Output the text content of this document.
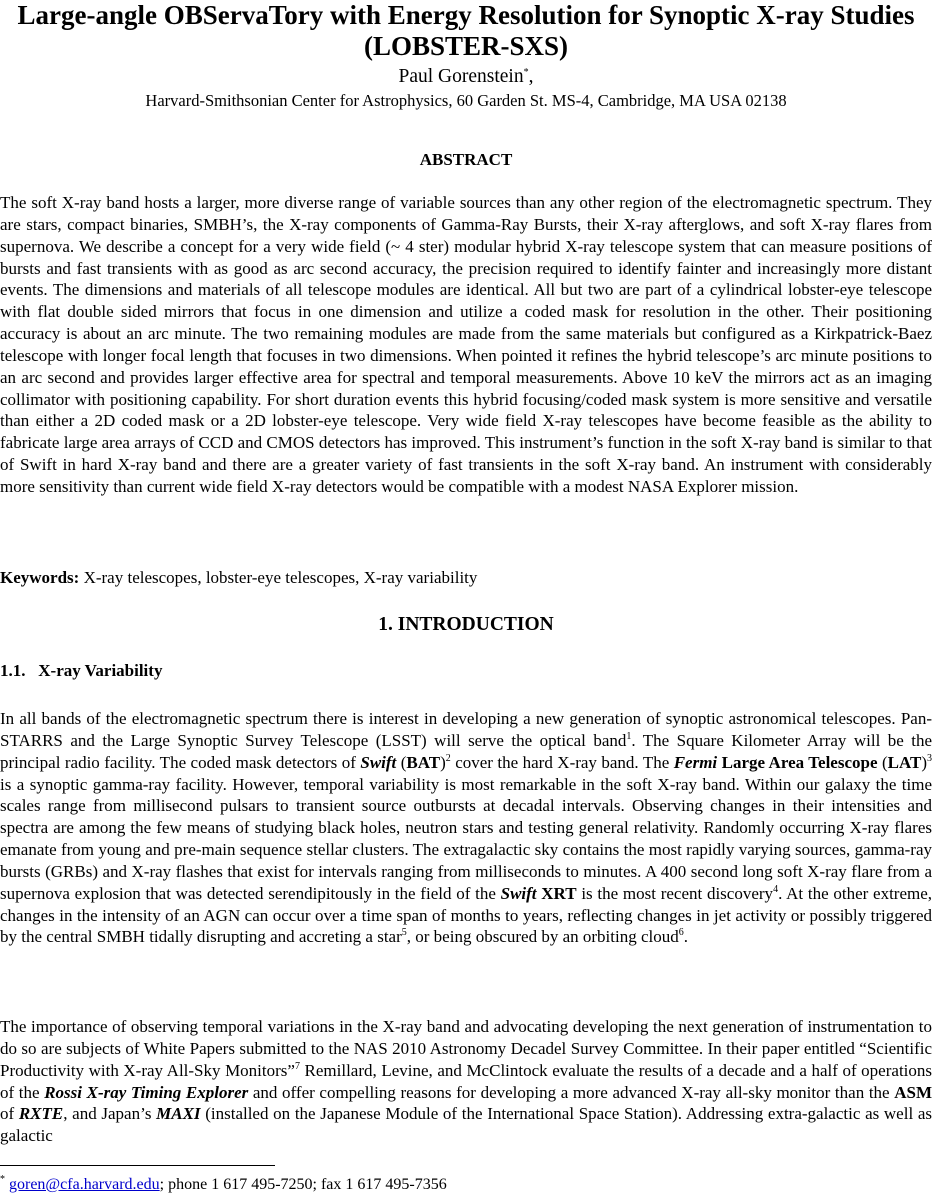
Large-angle OBServaTory with Energy Resolution for Synoptic X-ray Studies (LOBSTER-SXS)
Paul Gorenstein*,
Harvard-Smithsonian Center for Astrophysics, 60 Garden St. MS-4, Cambridge, MA USA 02138
ABSTRACT
The soft X-ray band hosts a larger, more diverse range of variable sources than any other region of the electromagnetic spectrum. They are stars, compact binaries, SMBH’s, the X-ray components of Gamma-Ray Bursts, their X-ray afterglows, and soft X-ray flares from supernova. We describe a concept for a very wide field (~ 4 ster) modular hybrid X-ray telescope system that can measure positions of bursts and fast transients with as good as arc second accuracy, the precision required to identify fainter and increasingly more distant events. The dimensions and materials of all telescope modules are identical. All but two are part of a cylindrical lobster-eye telescope with flat double sided mirrors that focus in one dimension and utilize a coded mask for resolution in the other. Their positioning accuracy is about an arc minute. The two remaining modules are made from the same materials but configured as a Kirkpatrick-Baez telescope with longer focal length that focuses in two dimensions. When pointed it refines the hybrid telescope’s arc minute positions to an arc second and provides larger effective area for spectral and temporal measurements. Above 10 keV the mirrors act as an imaging collimator with positioning capability. For short duration events this hybrid focusing/coded mask system is more sensitive and versatile than either a 2D coded mask or a 2D lobster-eye telescope. Very wide field X-ray telescopes have become feasible as the ability to fabricate large area arrays of CCD and CMOS detectors has improved. This instrument’s function in the soft X-ray band is similar to that of Swift in hard X-ray band and there are a greater variety of fast transients in the soft X-ray band. An instrument with considerably more sensitivity than current wide field X-ray detectors would be compatible with a modest NASA Explorer mission.
Keywords: X-ray telescopes, lobster-eye telescopes, X-ray variability
1. INTRODUCTION
1.1.   X-ray Variability
In all bands of the electromagnetic spectrum there is interest in developing a new generation of synoptic astronomical telescopes. Pan-STARRS and the Large Synoptic Survey Telescope (LSST) will serve the optical band$^1$. The Square Kilometer Array will be the principal radio facility. The coded mask detectors of Swift (BAT)$^2$ cover the hard X-ray band. The Fermi Large Area Telescope (LAT)$^3$ is a synoptic gamma-ray facility. However, temporal variability is most remarkable in the soft X-ray band. Within our galaxy the time scales range from millisecond pulsars to transient source outbursts at decadal intervals. Observing changes in their intensities and spectra are among the few means of studying black holes, neutron stars and testing general relativity. Randomly occurring X-ray flares emanate from young and pre-main sequence stellar clusters. The extragalactic sky contains the most rapidly varying sources, gamma-ray bursts (GRBs) and X-ray flashes that exist for intervals ranging from milliseconds to minutes. A 400 second long soft X-ray flare from a supernova explosion that was detected serendipitously in the field of the Swift XRT is the most recent discovery$^4$. At the other extreme, changes in the intensity of an AGN can occur over a time span of months to years, reflecting changes in jet activity or possibly triggered by the central SMBH tidally disrupting and accreting a star$^5$, or being obscured by an orbiting cloud$^6$.
The importance of observing temporal variations in the X-ray band and advocating developing the next generation of instrumentation to do so are subjects of White Papers submitted to the NAS 2010 Astronomy Decadel Survey Committee. In their paper entitled “Scientific Productivity with X-ray All-Sky Monitors”$^7$ Remillard, Levine, and McClintock evaluate the results of a decade and a half of operations of the Rossi X-ray Timing Explorer and offer compelling reasons for developing a more advanced X-ray all-sky monitor than the ASM of RXTE, and Japan’s MAXI (installed on the Japanese Module of the International Space Station). Addressing extra-galactic as well as galactic
* goren@cfa.harvard.edu; phone 1 617 495-7250; fax 1 617 495-7356
